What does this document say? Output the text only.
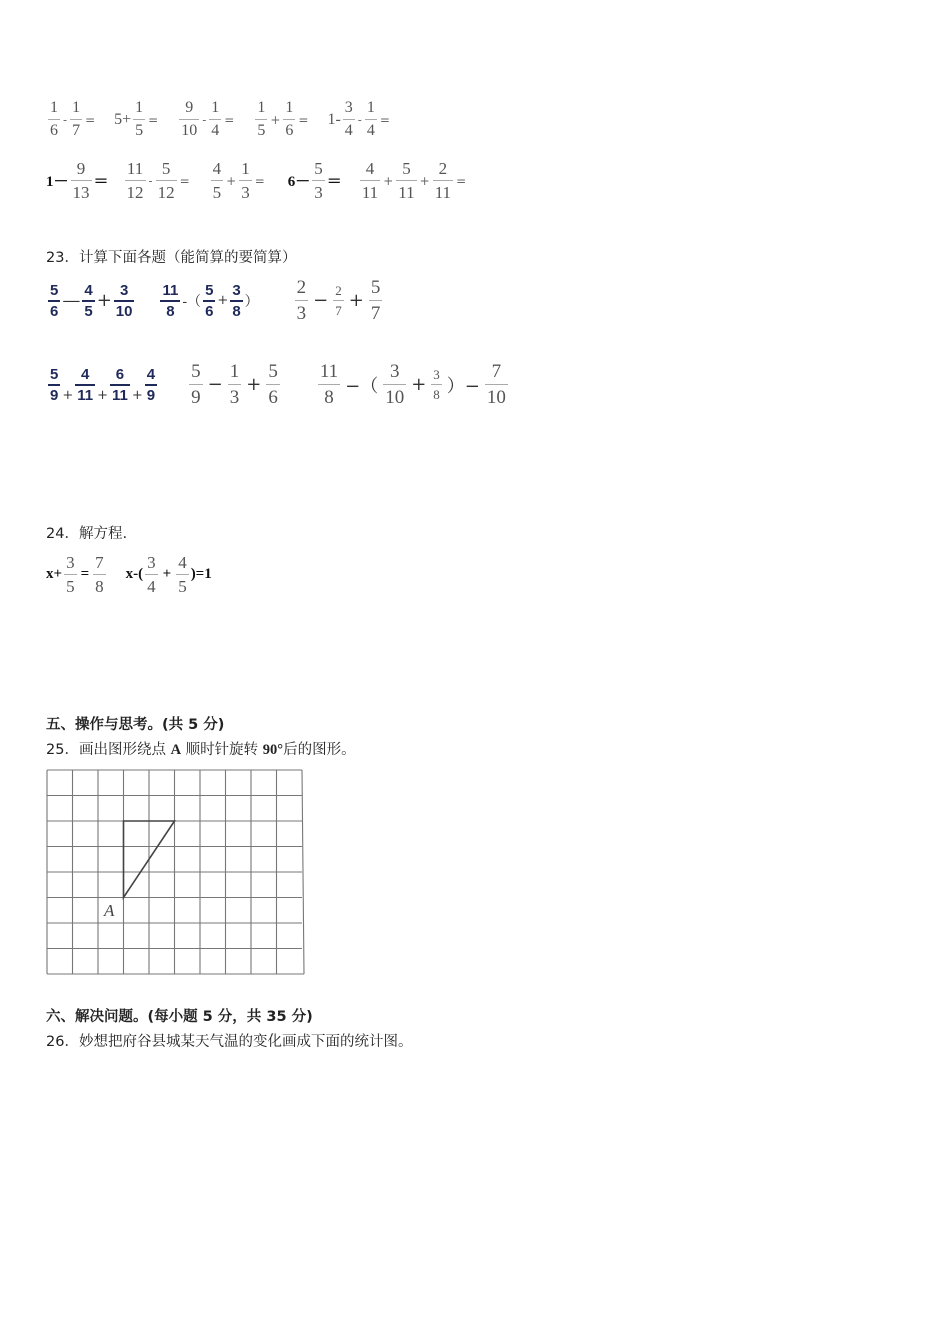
$\frac{1}{6} - \frac{1}{7} = 5+ \frac{1}{5} = \frac{9}{10} - \frac{1}{4} = \frac{1}{5} + \frac{1}{6} = 1- \frac{3}{4} - \frac{1}{4}$ =
$1- \frac{9}{13} = \frac{11}{12} - \frac{5}{12} = \frac{4}{5} + \frac{1}{3} = 6- \frac{5}{3} = \frac{4}{11} + \frac{5}{11} + \frac{2}{11}$ =
23．计算下面各题（能简算的要简算）
$\frac{5}{6}$ — $\frac{4}{5} + \frac{3}{10} \frac{11}{8}$ -（ $\frac{5}{6} + \frac{3}{8}$ ） $\frac{2}{3} - \frac{2}{7} + \frac{5}{7}$
$\frac{5}{9} + \frac{4}{11} + \frac{6}{11} + \frac{4}{9} \frac{5}{9} - \frac{1}{3} + \frac{5}{6} \frac{11}{8}$ −（ $\frac{3}{10} + \frac{3}{8}$ ）− $\frac{7}{10}$
24．解方程.
$x+ \frac{3}{5} = \frac{7}{8} x-( \frac{3}{4} + \frac{4}{5} )=1$
五、操作与思考。(共 5 分)
25．画出图形绕点 A 顺时针旋转 90°后的图形。
A
六、解决问题。(每小题 5 分，共 35 分)
26．妙想把府谷县城某天气温的变化画成下面的统计图。
